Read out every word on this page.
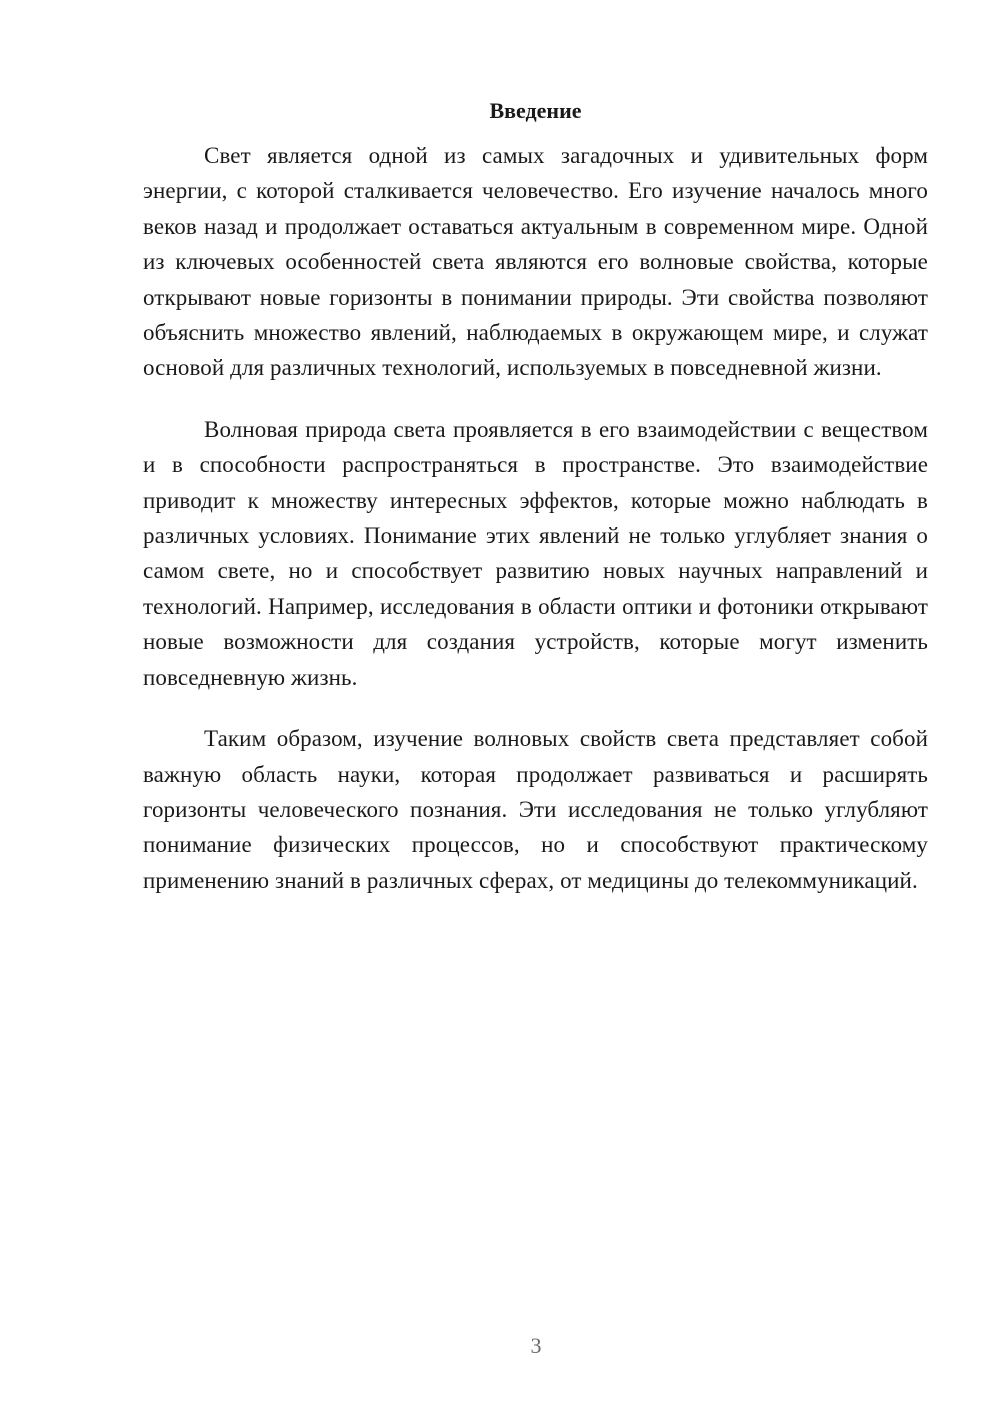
Введение

Свет является одной из самых загадочных и удивительных форм энергии, с которой сталкивается человечество. Его изучение началось много веков назад и продолжает оставаться актуальным в современном мире. Одной из ключевых особенностей света являются его волновые свойства, которые открывают новые горизонты в понимании природы. Эти свойства позволяют объяснить множество явлений, наблюдаемых в окружающем мире, и служат основой для различных технологий, используемых в повседневной жизни.

Волновая природа света проявляется в его взаимодействии с веществом и в способности распространяться в пространстве. Это взаимодействие приводит к множеству интересных эффектов, которые можно наблюдать в различных условиях. Понимание этих явлений не только углубляет знания о самом свете, но и способствует развитию новых научных направлений и технологий. Например, исследования в области оптики и фотоники открывают новые возможности для создания устройств, которые могут изменить повседневную жизнь.

Таким образом, изучение волновых свойств света представляет собой важную область науки, которая продолжает развиваться и расширять горизонты человеческого познания. Эти исследования не только углубляют понимание физических процессов, но и способствуют практическому применению знаний в различных сферах, от медицины до телекоммуникаций.

3
